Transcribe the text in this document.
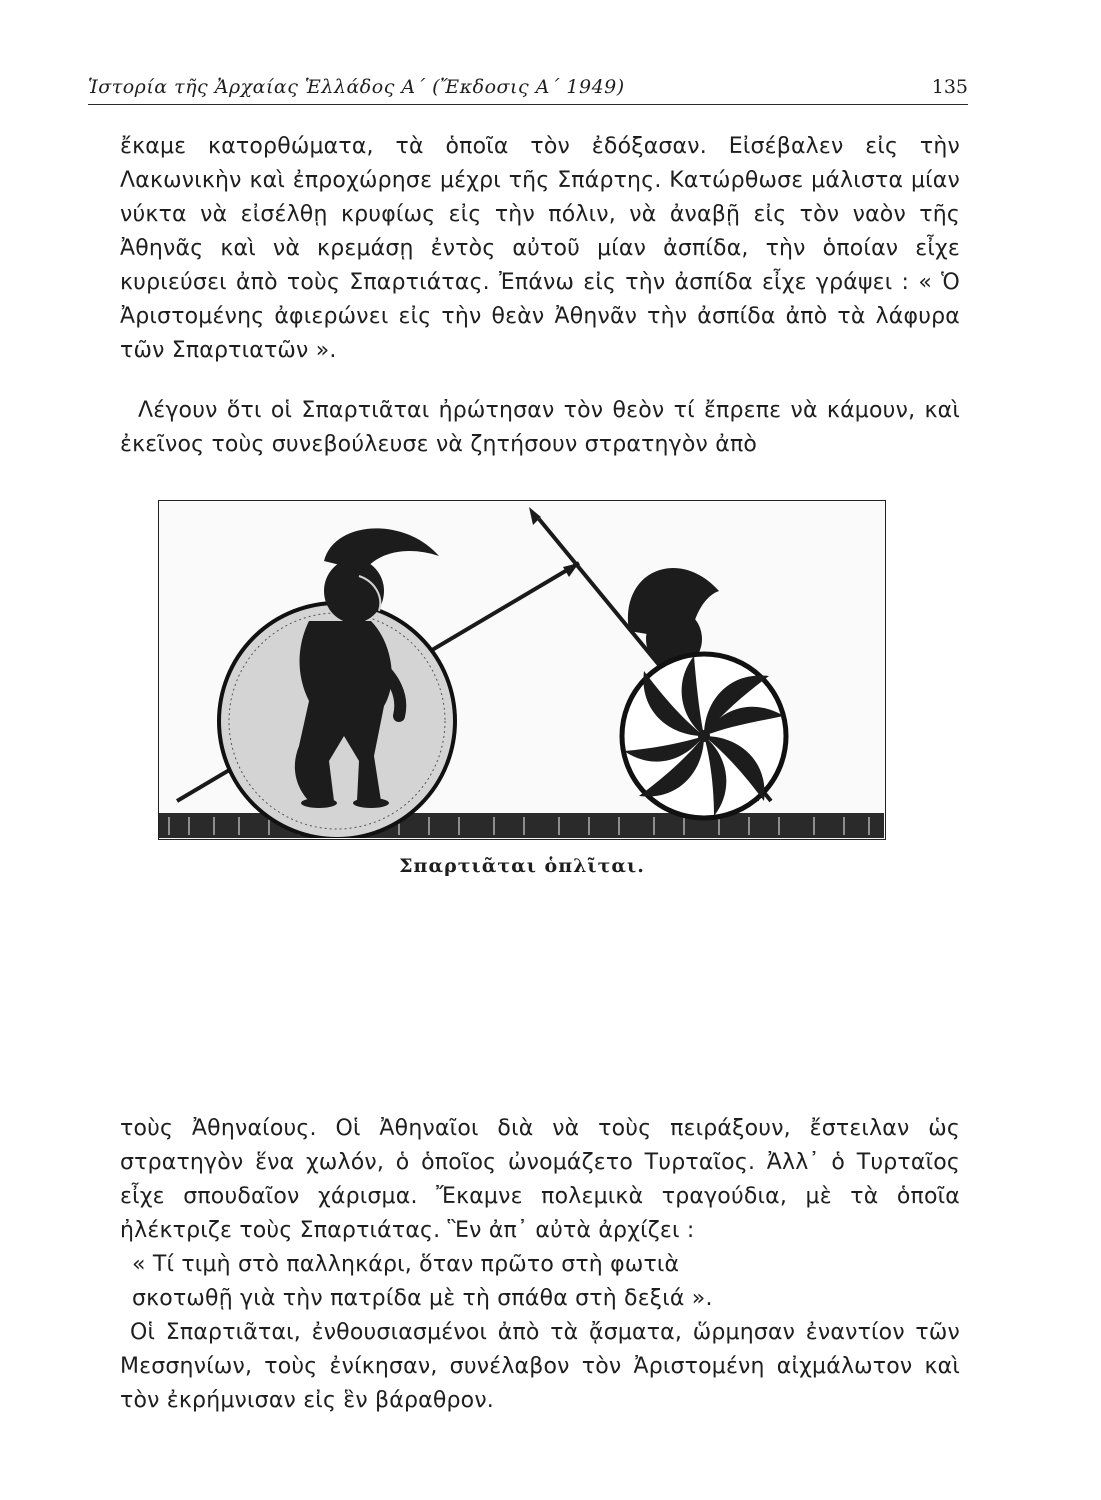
Ἱστορία τῆς Ἀρχαίας Ἑλλάδος Α΄ (Ἔκδοσις Α΄ 1949)	135
ἔκαμε κατορθώματα, τὰ ὁποῖα τὸν ἐδόξασαν. Εἰσέβαλεν εἰς τὴν Λακωνικὴν καὶ ἐπροχώρησε μέχρι τῆς Σπάρτης. Κατώρθωσε μάλιστα μίαν νύκτα νὰ εἰσέλθῃ κρυφίως εἰς τὴν πόλιν, νὰ ἀναβῇ εἰς τὸν ναὸν τῆς Ἀθηνᾶς καὶ νὰ κρεμάσῃ ἐντὸς αὐτοῦ μίαν ἀσπίδα, τὴν ὁποίαν εἶχε κυριεύσει ἀπὸ τοὺς Σπαρτιάτας. Ἐπάνω εἰς τὴν ἀσπίδα εἶχε γράψει : « Ὁ Ἀριστομένης ἀφιερώνει εἰς τὴν θεὰν Ἀθηνᾶν τὴν ἀσπίδα ἀπὸ τὰ λάφυρα τῶν Σπαρτιατῶν ».
Λέγουν ὅτι οἱ Σπαρτιᾶται ἠρώτησαν τὸν θεὸν τί ἔπρεπε νὰ κάμουν, καὶ ἐκεῖνος τοὺς συνεβούλευσε νὰ ζητήσουν στρατηγὸν ἀπὸ
Σπαρτιᾶται ὁπλῖται.
τοὺς Ἀθηναίους. Οἱ Ἀθηναῖοι διὰ νὰ τοὺς πειράξουν, ἔστειλαν ὡς στρατηγὸν ἕνα χωλόν, ὁ ὁποῖος ὠνομάζετο Τυρταῖος. Ἀλλ᾽ ὁ Τυρταῖος εἶχε σπουδαῖον χάρισμα. Ἔκαμνε πολεμικὰ τραγούδια, μὲ τὰ ὁποῖα ἠλέκτριζε τοὺς Σπαρτιάτας. Ἓν ἀπ᾽ αὐτὰ ἀρχίζει :
« Τί τιμὴ στὸ παλληκάρι, ὅταν πρῶτο στὴ φωτιὰ
σκοτωθῇ γιὰ τὴν πατρίδα μὲ τὴ σπάθα στὴ δεξιά ».
Οἱ Σπαρτιᾶται, ἐνθουσιασμένοι ἀπὸ τὰ ᾄσματα, ὥρμησαν ἐναντίον τῶν Μεσσηνίων, τοὺς ἐνίκησαν, συνέλαβον τὸν Ἀριστομένη αἰχμάλωτον καὶ τὸν ἐκρήμνισαν εἰς ἓν βάραθρον.
